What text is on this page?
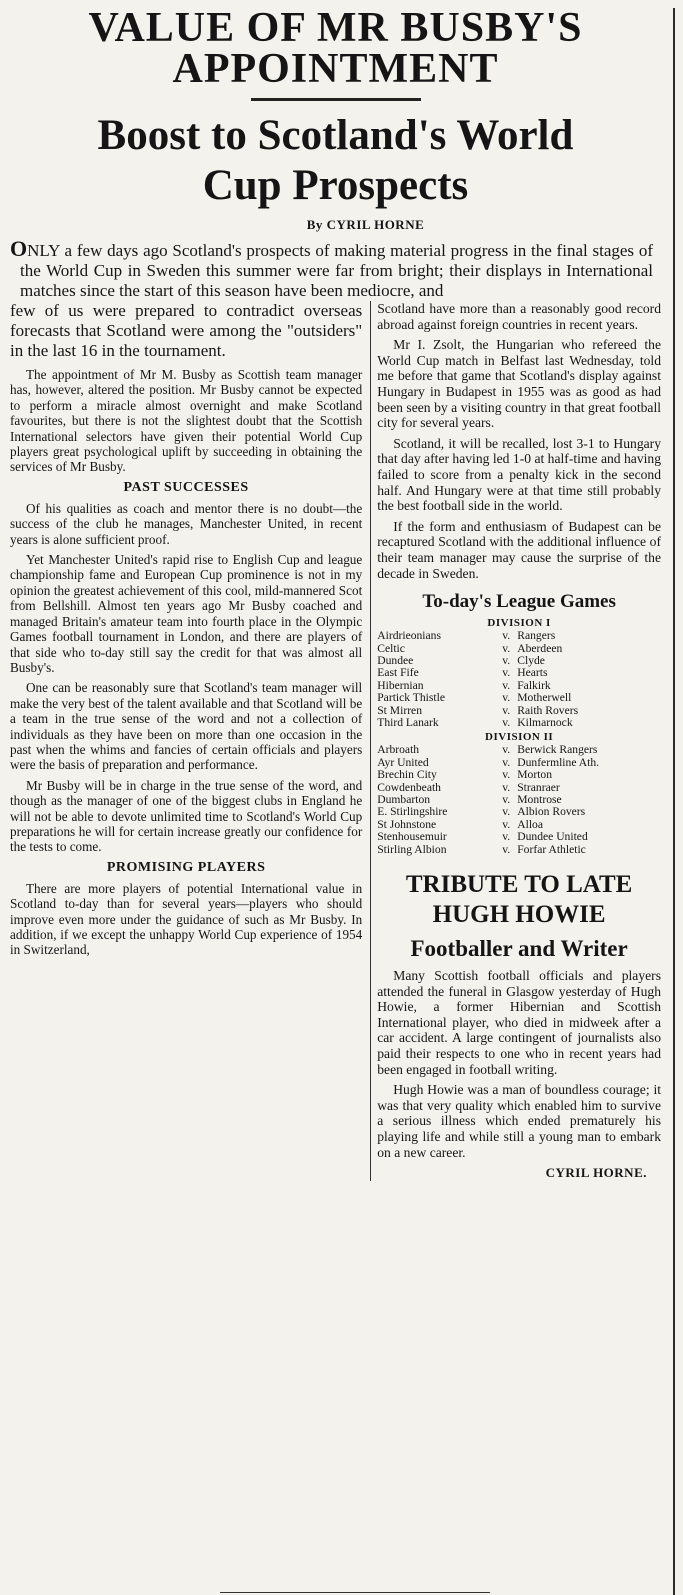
VALUE OF MR BUSBY'S
APPOINTMENT
Boost to Scotland's World
Cup Prospects
By CYRIL HORNE

ONLY a few days ago Scotland's prospects of making material progress in the final stages of the World Cup in Sweden this summer were far from bright; their displays in International matches since the start of this season have been mediocre, and

few of us were prepared to contradict overseas forecasts that Scotland were among the "outsiders" in the last 16 in the tournament.

The appointment of Mr M. Busby as Scottish team manager has, however, altered the position. Mr Busby cannot be expected to perform a miracle almost overnight and make Scotland favourites, but there is not the slightest doubt that the Scottish International selectors have given their potential World Cup players great psychological uplift by succeeding in obtaining the services of Mr Busby.

PAST SUCCESSES

Of his qualities as coach and mentor there is no doubt—the success of the club he manages, Manchester United, in recent years is alone sufficient proof.

Yet Manchester United's rapid rise to English Cup and league championship fame and European Cup prominence is not in my opinion the greatest achievement of this cool, mild-mannered Scot from Bellshill. Almost ten years ago Mr Busby coached and managed Britain's amateur team into fourth place in the Olympic Games football tournament in London, and there are players of that side who to-day still say the credit for that was almost all Busby's.

One can be reasonably sure that Scotland's team manager will make the very best of the talent available and that Scotland will be a team in the true sense of the word and not a collection of individuals as they have been on more than one occasion in the past when the whims and fancies of certain officials and players were the basis of preparation and performance.

Mr Busby will be in charge in the true sense of the word, and though as the manager of one of the biggest clubs in England he will not be able to devote unlimited time to Scotland's World Cup preparations he will for certain increase greatly our confidence for the tests to come.

PROMISING PLAYERS

There are more players of potential International value in Scotland to-day than for several years—players who should improve even more under the guidance of such as Mr Busby. In addition, if we except the unhappy World Cup experience of 1954 in Switzerland,

Scotland have more than a reasonably good record abroad against foreign countries in recent years.

Mr I. Zsolt, the Hungarian who refereed the World Cup match in Belfast last Wednesday, told me before that game that Scotland's display against Hungary in Budapest in 1955 was as good as had been seen by a visiting country in that great football city for several years.

Scotland, it will be recalled, lost 3-1 to Hungary that day after having led 1-0 at half-time and having failed to score from a penalty kick in the second half. And Hungary were at that time still probably the best football side in the world.

If the form and enthusiasm of Budapest can be recaptured Scotland with the additional influence of their team manager may cause the surprise of the decade in Sweden.

To-day's League Games
DIVISION I
Airdrieonians	v.	Rangers
Celtic	v.	Aberdeen
Dundee	v.	Clyde
East Fife	v.	Hearts
Hibernian	v.	Falkirk
Partick Thistle	v.	Motherwell
St Mirren	v.	Raith Rovers
Third Lanark	v.	Kilmarnock
DIVISION II
Arbroath	v.	Berwick Rangers
Ayr United	v.	Dunfermline Ath.
Brechin City	v.	Morton
Cowdenbeath	v.	Stranraer
Dumbarton	v.	Montrose
E. Stirlingshire	v.	Albion Rovers
St Johnstone	v.	Alloa
Stenhousemuir	v.	Dundee United
Stirling Albion	v.	Forfar Athletic
TRIBUTE TO LATE
HUGH HOWIE
Footballer and Writer

Many Scottish football officials and players attended the funeral in Glasgow yesterday of Hugh Howie, a former Hibernian and Scottish International player, who died in midweek after a car accident. A large contingent of journalists also paid their respects to one who in recent years had been engaged in football writing.

Hugh Howie was a man of boundless courage; it was that very quality which enabled him to survive a serious illness which ended prematurely his playing life and while still a young man to embark on a new career.

CYRIL HORNE.
